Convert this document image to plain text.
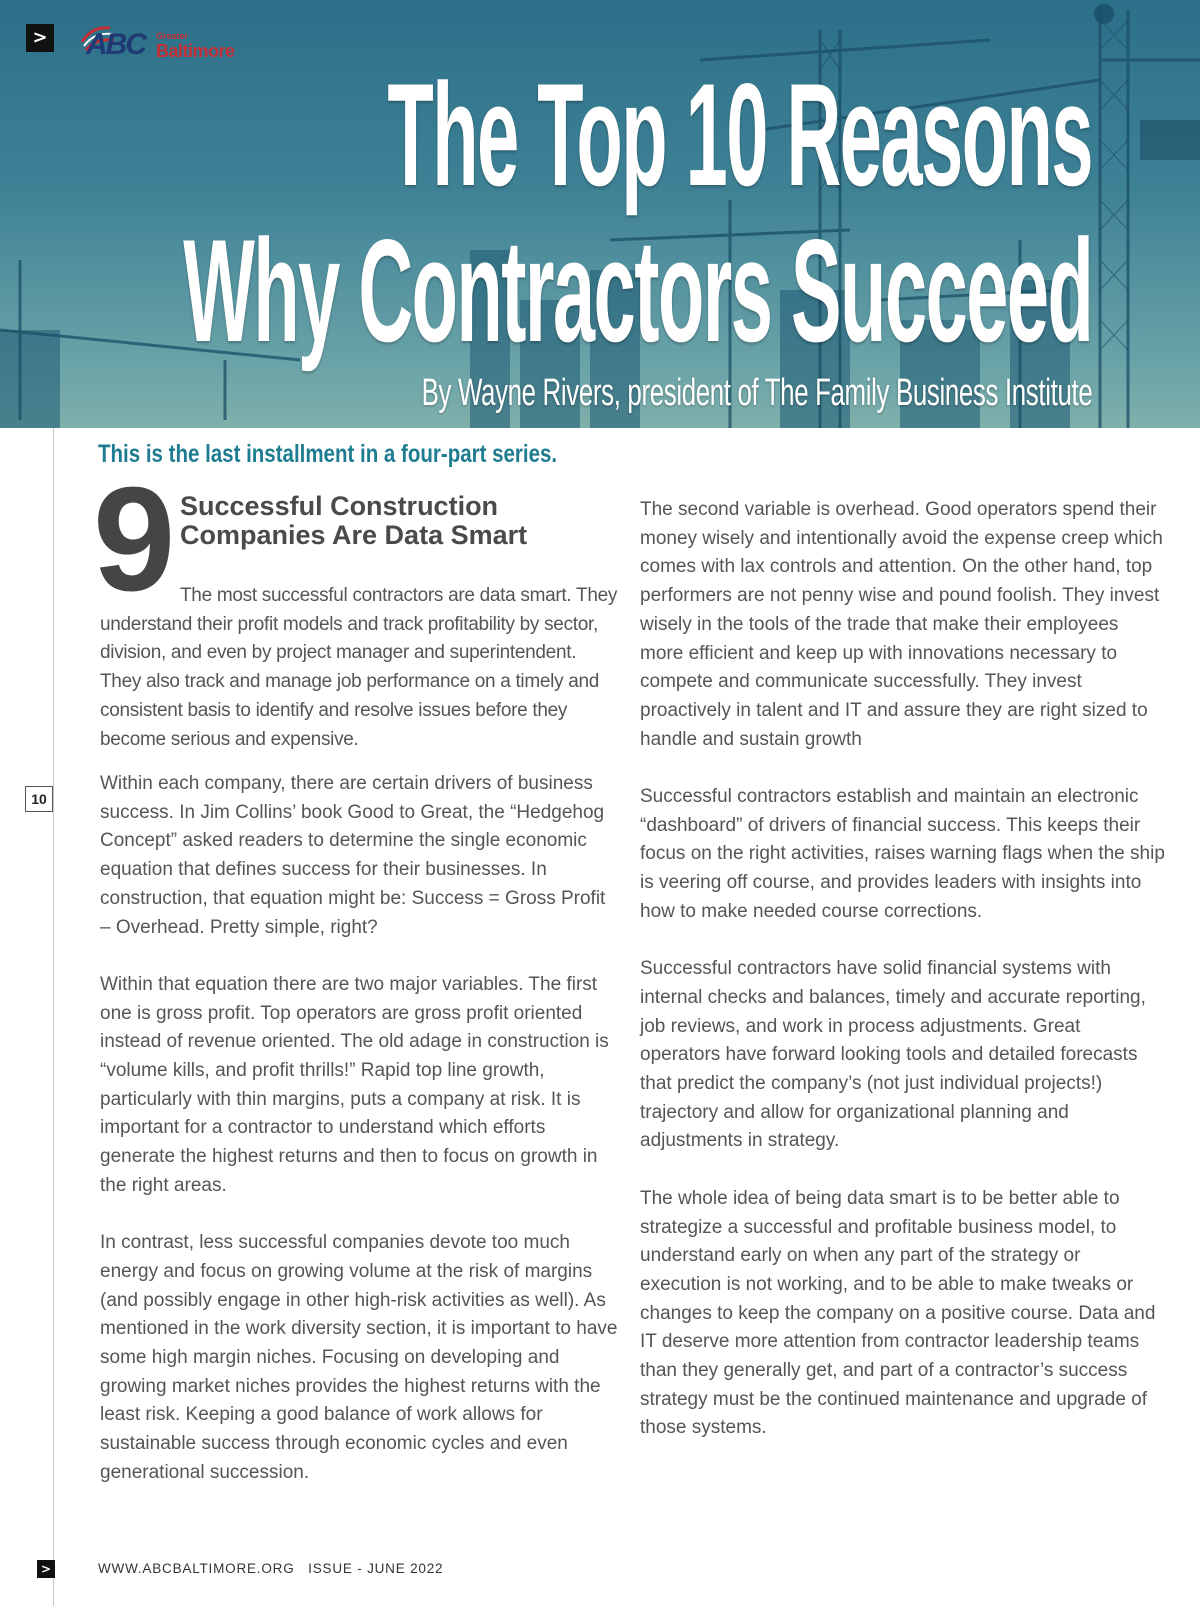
The Top 10 Reasons
Why Contractors Succeed
By Wayne Rivers, president of The Family Business Institute
> ABC Greater
Baltimore
10
This is the last installment in a four-part series.
9 Successful Construction Companies Are Data Smart

The most successful contractors are data smart. They understand their profit models and track profitability by sector, division, and even by project manager and superintendent. They also track and manage job performance on a timely and consistent basis to identify and resolve issues before they become serious and expensive.

Within each company, there are certain drivers of business success. In Jim Collins’ book Good to Great, the “Hedgehog Concept” asked readers to determine the single economic equation that defines success for their businesses. In construction, that equation might be: Success = Gross Profit – Overhead. Pretty simple, right?

Within that equation there are two major variables. The first one is gross profit. Top operators are gross profit oriented instead of revenue oriented. The old adage in construction is “volume kills, and profit thrills!” Rapid top line growth, particularly with thin margins, puts a company at risk. It is important for a contractor to understand which efforts generate the highest returns and then to focus on growth in the right areas.

In contrast, less successful companies devote too much energy and focus on growing volume at the risk of margins (and possibly engage in other high-risk activities as well). As mentioned in the work diversity section, it is important to have some high margin niches. Focusing on developing and growing market niches provides the highest returns with the least risk. Keeping a good balance of work allows for sustainable success through economic cycles and even generational succession.

The second variable is overhead. Good operators spend their money wisely and intentionally avoid the expense creep which comes with lax controls and attention. On the other hand, top performers are not penny wise and pound foolish. They invest wisely in the tools of the trade that make their employees more efficient and keep up with innovations necessary to compete and communicate successfully. They invest proactively in talent and IT and assure they are right sized to handle and sustain growth

Successful contractors establish and maintain an electronic “dashboard” of drivers of financial success. This keeps their focus on the right activities, raises warning flags when the ship is veering off course, and provides leaders with insights into how to make needed course corrections.

Successful contractors have solid financial systems with internal checks and balances, timely and accurate reporting, job reviews, and work in process adjustments. Great operators have forward looking tools and detailed forecasts that predict the company’s (not just individual projects!) trajectory and allow for organizational planning and adjustments in strategy.

The whole idea of being data smart is to be better able to strategize a successful and profitable business model, to understand early on when any part of the strategy or execution is not working, and to be able to make tweaks or changes to keep the company on a positive course. Data and IT deserve more attention from contractor leadership teams than they generally get, and part of a contractor’s success strategy must be the continued maintenance and upgrade of those systems.

>	WWW.ABCBALTIMORE.ORG ISSUE - JUNE 2022
